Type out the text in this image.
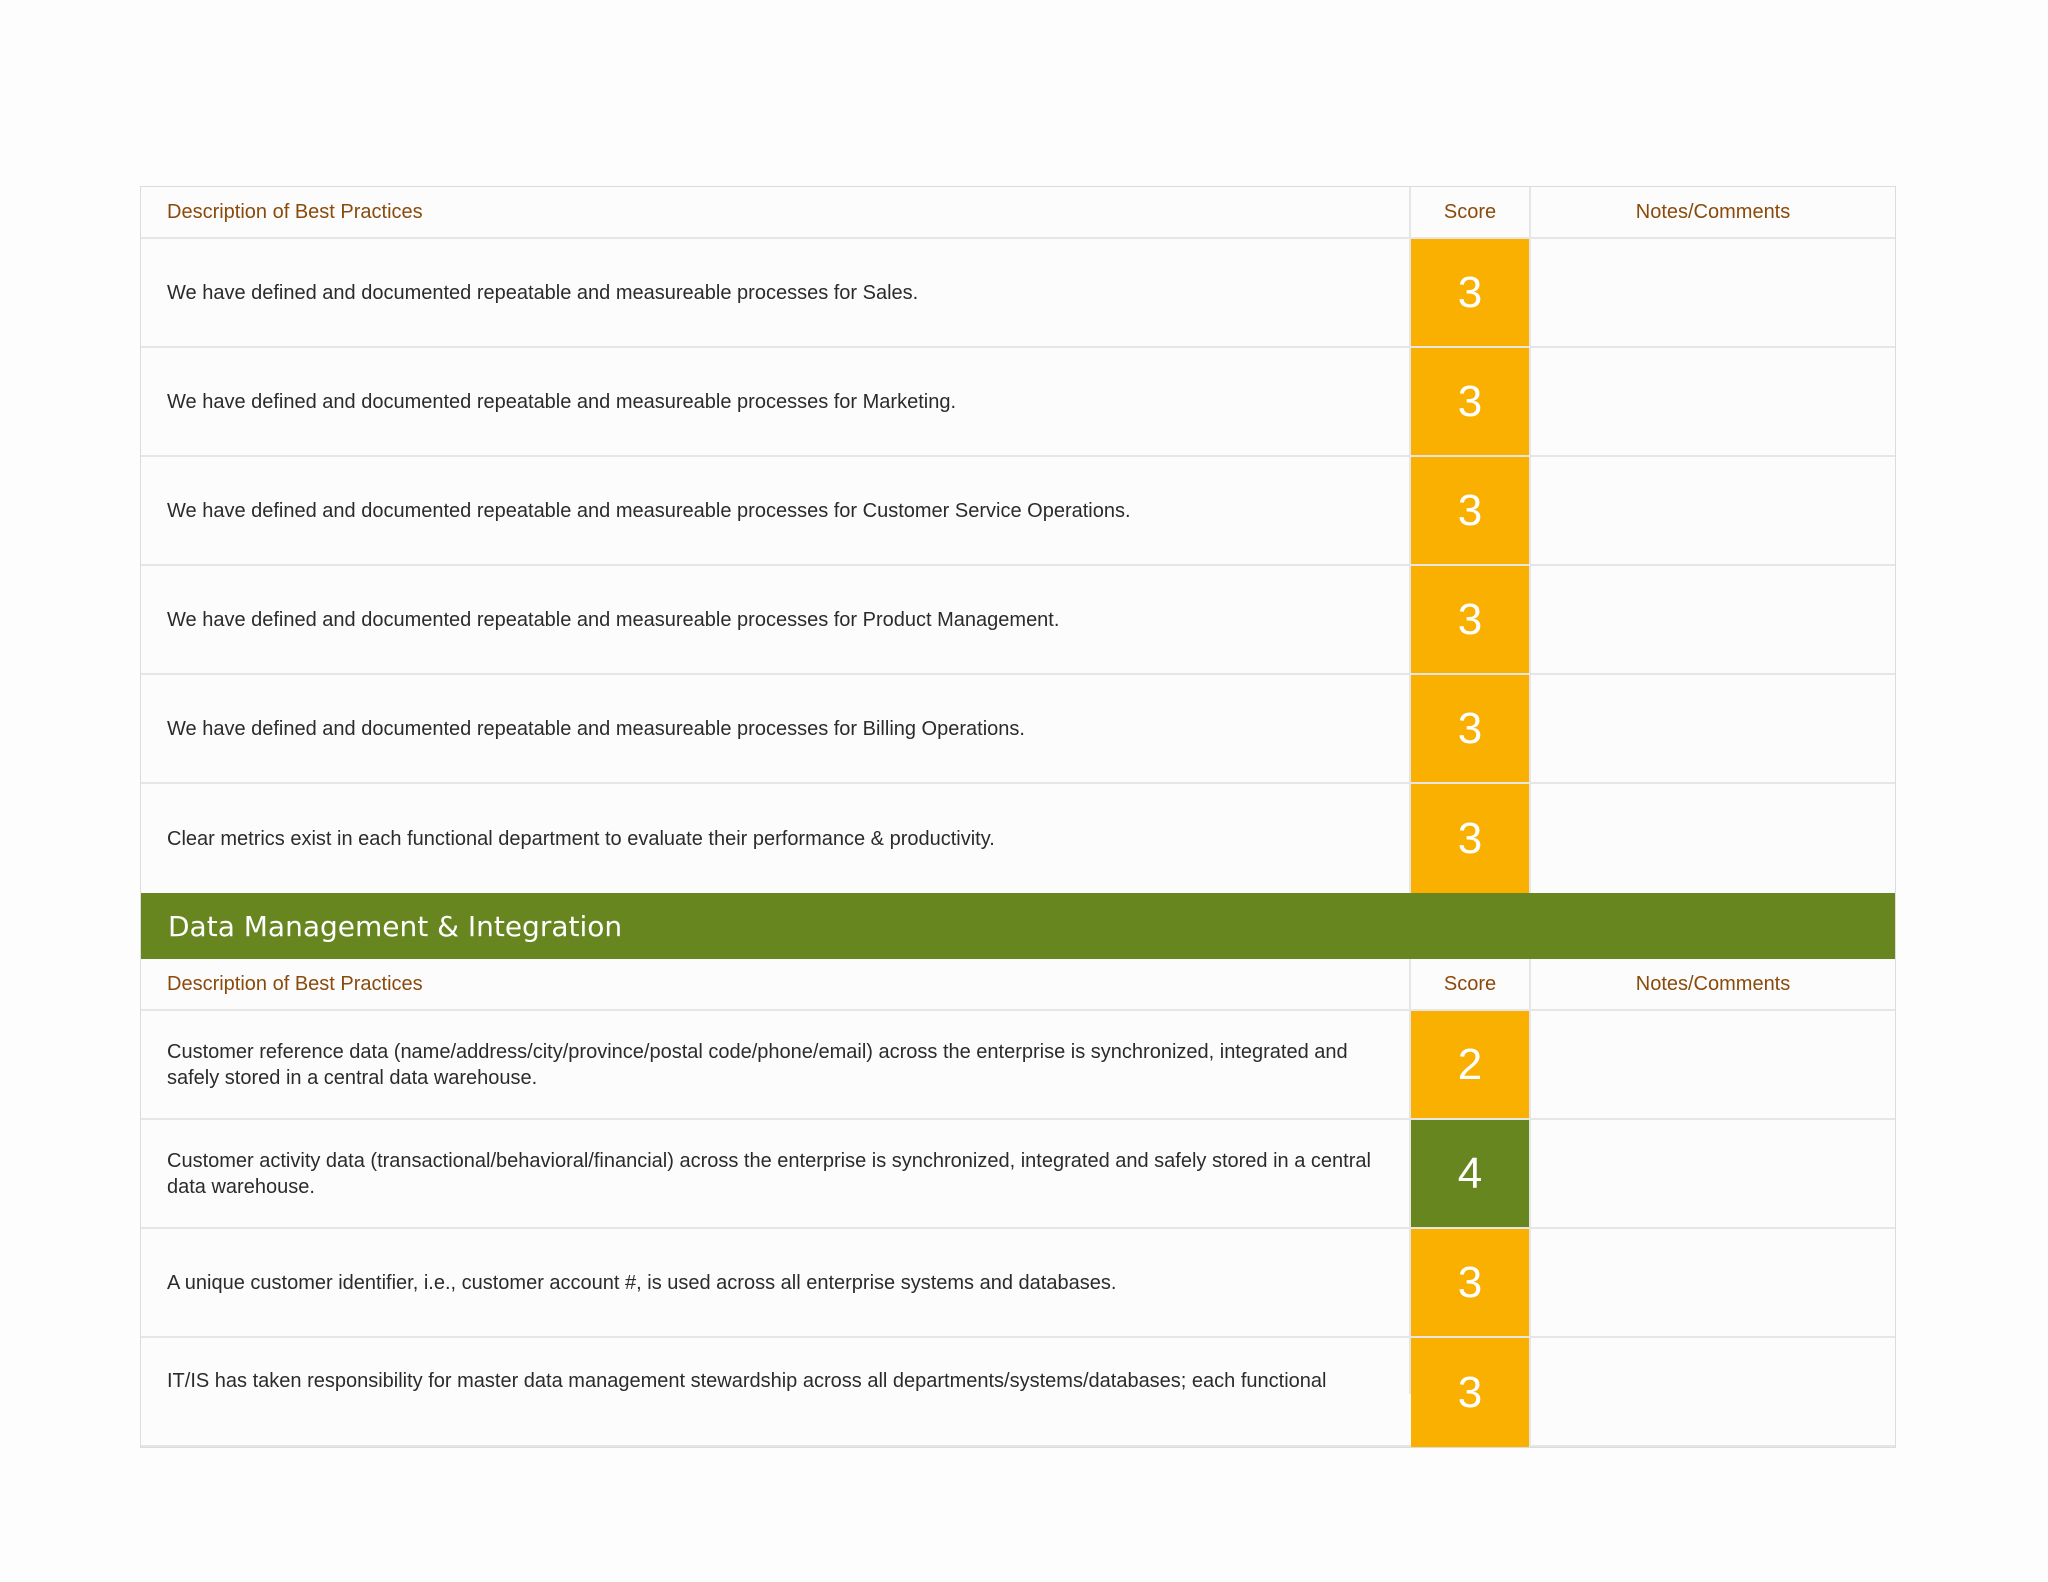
Description of Best Practices	Score	Notes/Comments
We have defined and documented repeatable and measureable processes for Sales.	3
We have defined and documented repeatable and measureable processes for Marketing.	3
We have defined and documented repeatable and measureable processes for Customer Service Operations.	3
We have defined and documented repeatable and measureable processes for Product Management.	3
We have defined and documented repeatable and measureable processes for Billing Operations.	3
Clear metrics exist in each functional department to evaluate their performance & productivity.	3
Data Management & Integration
Description of Best Practices	Score	Notes/Comments
Customer reference data (name/address/city/province/postal code/phone/email) across the enterprise is synchronized, integrated and safely stored in a central data warehouse.	2
Customer activity data (transactional/behavioral/financial) across the enterprise is synchronized, integrated and safely stored in a central data warehouse.	4
A unique customer identifier, i.e., customer account #, is used across all enterprise systems and databases.	3
IT/IS has taken responsibility for master data management stewardship across all departments/systems/databases; each functional	3
